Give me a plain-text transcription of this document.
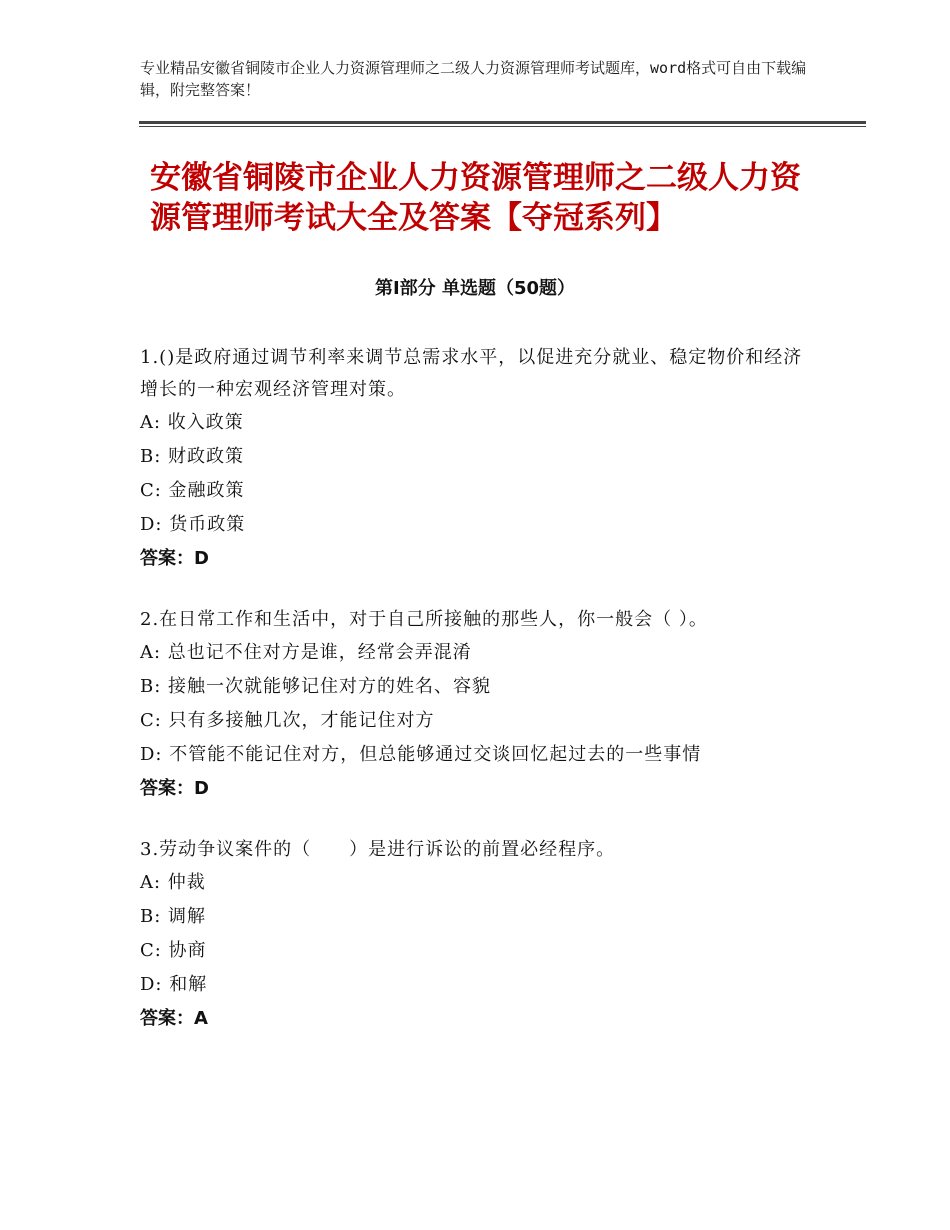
专业精品安徽省铜陵市企业人力资源管理师之二级人力资源管理师考试题库，word格式可自由下载编辑，附完整答案！
安徽省铜陵市企业人力资源管理师之二级人力资源管理师考试大全及答案【夺冠系列】
第Ⅰ部分 单选题（50题）

1.()是政府通过调节利率来调节总需求水平，以促进充分就业、稳定物价和经济增长的一种宏观经济管理对策。

A: 收入政策

B: 财政政策

C: 金融政策

D: 货币政策

答案：D

2.在日常工作和生活中，对于自己所接触的那些人，你一般会（ ）。

A: 总也记不住对方是谁，经常会弄混淆

B: 接触一次就能够记住对方的姓名、容貌

C: 只有多接触几次，才能记住对方

D: 不管能不能记住对方，但总能够通过交谈回忆起过去的一些事情

答案：D

3.劳动争议案件的（　　）是进行诉讼的前置必经程序。

A: 仲裁

B: 调解

C: 协商

D: 和解

答案：A
